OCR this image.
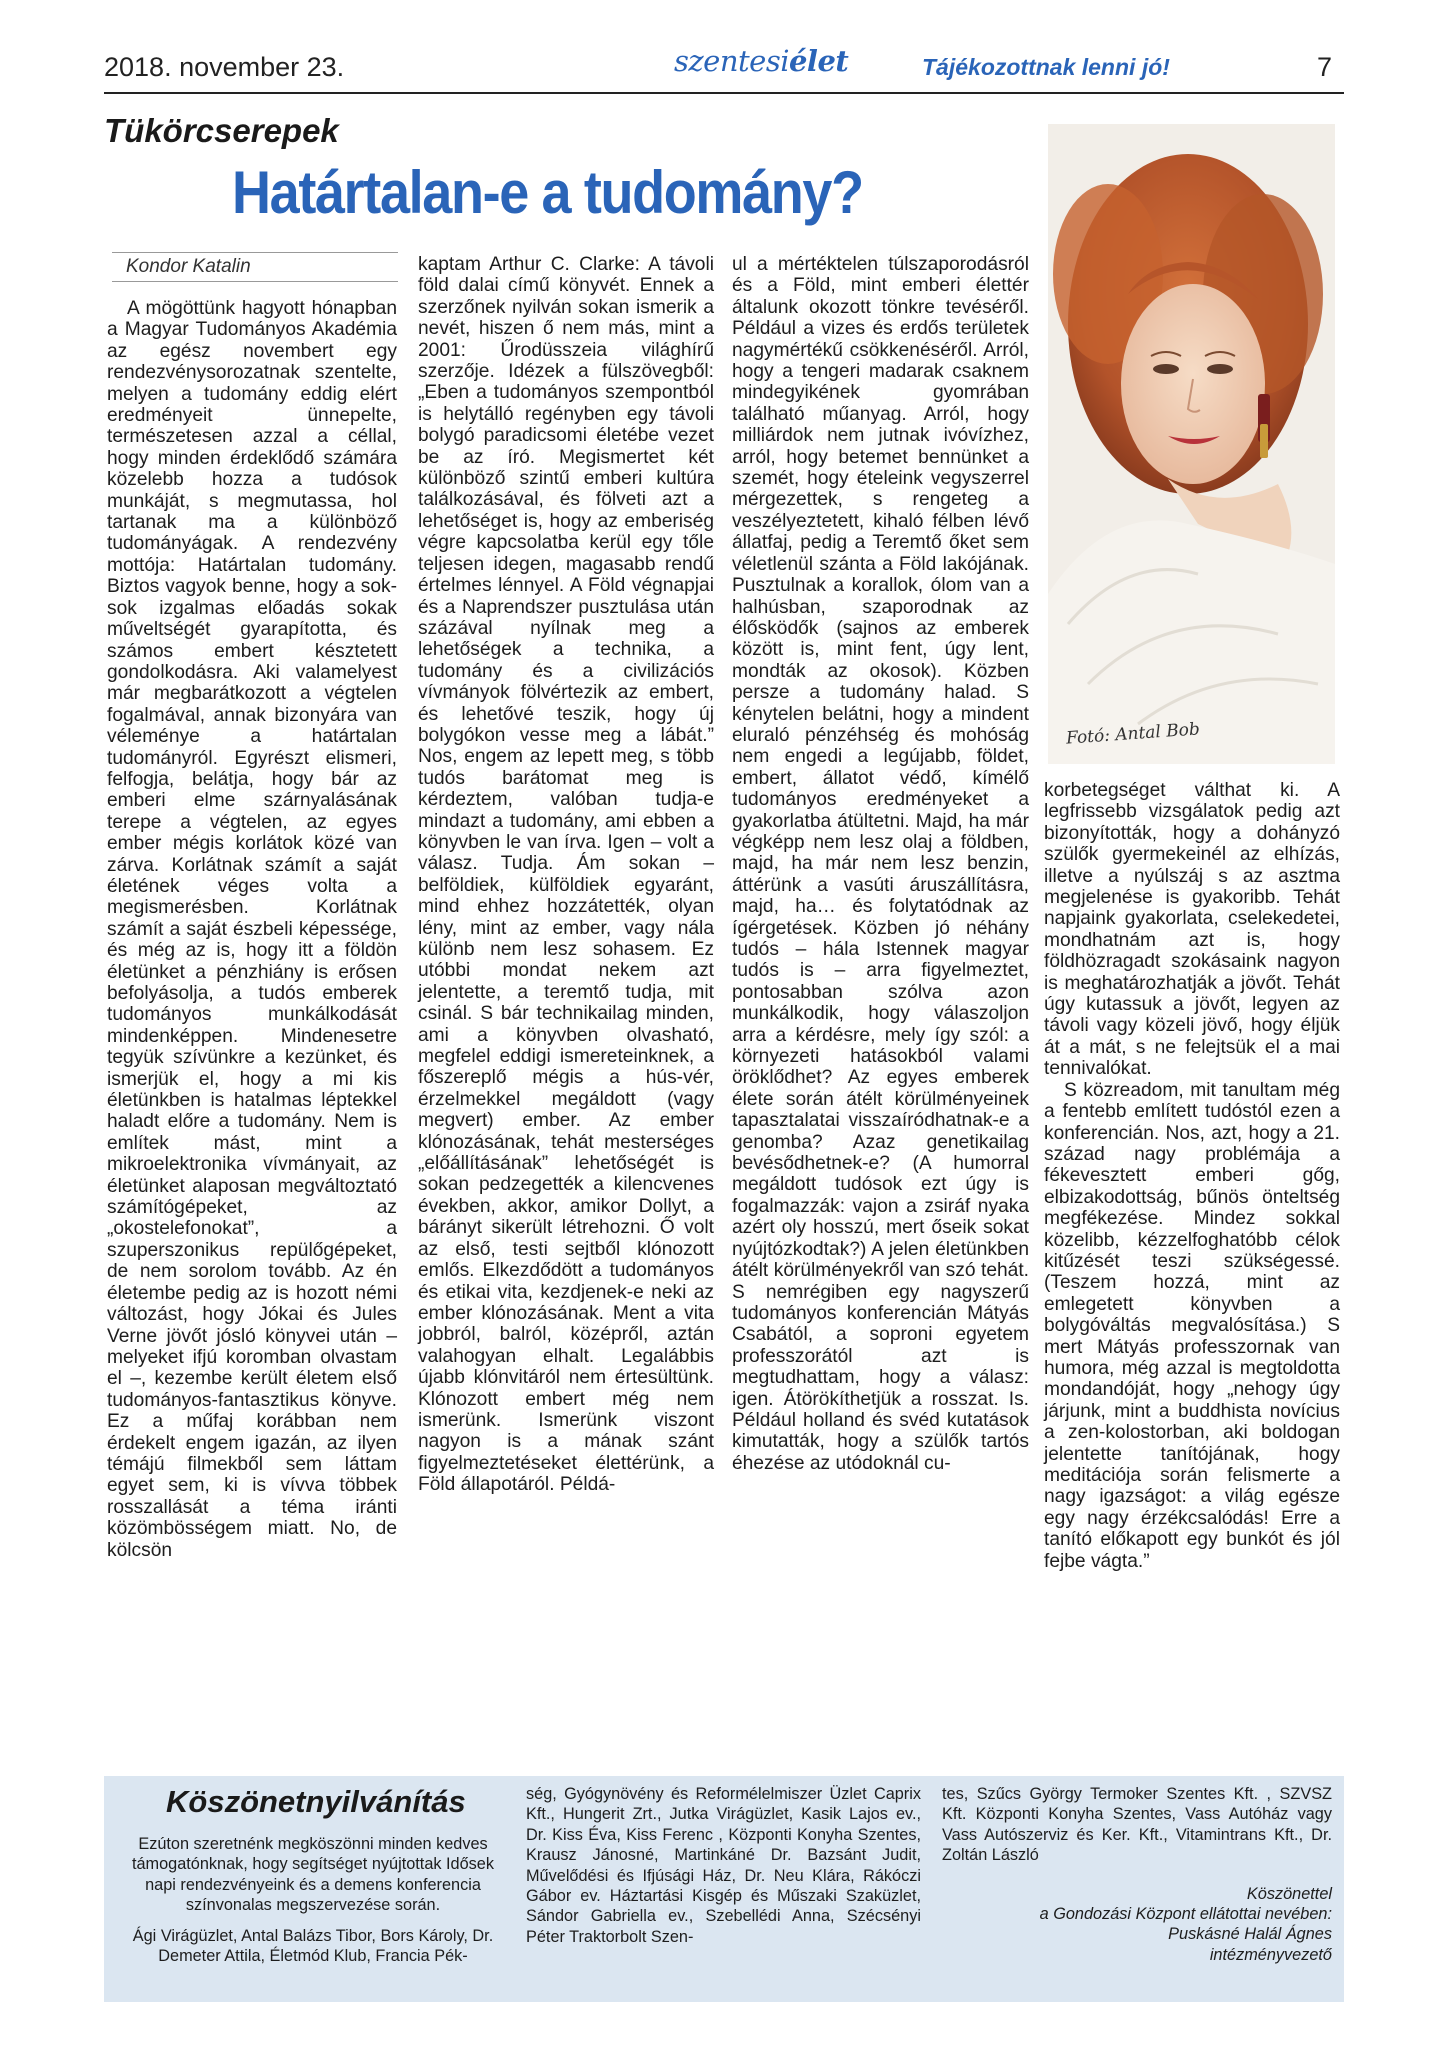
2018. november 23.	szentesiélet	Tájékozottnak lenni jó!	7
Tükörcserepek
Határtalan-e a tudomány?
Kondor Katalin

A mögöttünk hagyott hónapban a Magyar Tudományos Akadémia az egész novembert egy rendezvénysorozatnak szentelte, melyen a tudomány eddig elért eredményeit ünnepelte, természetesen azzal a céllal, hogy minden érdeklődő számára közelebb hozza a tudósok munkáját, s megmutassa, hol tartanak ma a különböző tudományágak. A rendezvény mottója: Határtalan tudomány. Biztos vagyok benne, hogy a sok-sok izgalmas előadás sokak műveltségét gyarapította, és számos embert késztetett gondolkodásra. Aki valamelyest már megbarátkozott a végtelen fogalmával, annak bizonyára van véleménye a határtalan tudományról. Egyrészt elismeri, felfogja, belátja, hogy bár az emberi elme szárnyalásának terepe a végtelen, az egyes ember mégis korlátok közé van zárva. Korlátnak számít a saját életének véges volta a megismerésben. Korlátnak számít a saját észbeli képessége, és még az is, hogy itt a földön életünket a pénzhiány is erősen befolyásolja, a tudós emberek tudományos munkálkodását mindenképpen. Mindenesetre tegyük szívünkre a kezünket, és ismerjük el, hogy a mi kis életünkben is hatalmas léptekkel haladt előre a tudomány. Nem is említek mást, mint a mikroelektronika vívmányait, az életünket alaposan megváltoztató számítógépeket, az „okostelefonokat”, a szuperszonikus repülőgépeket, de nem sorolom tovább. Az én életembe pedig az is hozott némi változást, hogy Jókai és Jules Verne jövőt jósló könyvei után – melyeket ifjú koromban olvastam el –, kezembe került életem első tudományos-fantasztikus könyve. Ez a műfaj korábban nem érdekelt engem igazán, az ilyen témájú filmekből sem láttam egyet sem, ki is vívva többek rosszallását a téma iránti közömbösségem miatt. No, de kölcsön

kaptam Arthur C. Clarke: A távoli föld dalai című könyvét. Ennek a szerzőnek nyilván sokan ismerik a nevét, hiszen ő nem más, mint a 2001: Űrodüsszeia világhírű szerzője. Idézek a fülszövegből: „Eben a tudományos szempontból is helytálló regényben egy távoli bolygó paradicsomi életébe vezet be az író. Megismertet két különböző szintű emberi kultúra találkozásával, és fölveti azt a lehetőséget is, hogy az emberiség végre kapcsolatba kerül egy tőle teljesen idegen, magasabb rendű értelmes lénnyel. A Föld végnapjai és a Naprendszer pusztulása után százával nyílnak meg a lehetőségek a technika, a tudomány és a civilizációs vívmányok fölvértezik az embert, és lehetővé teszik, hogy új bolygókon vesse meg a lábát.” Nos, engem az lepett meg, s több tudós barátomat meg is kérdeztem, valóban tudja-e mindazt a tudomány, ami ebben a könyvben le van írva. Igen – volt a válasz. Tudja. Ám sokan – belföldiek, külföldiek egyaránt, mind ehhez hozzátették, olyan lény, mint az ember, vagy nála különb nem lesz sohasem. Ez utóbbi mondat nekem azt jelentette, a teremtő tudja, mit csinál. S bár technikailag minden, ami a könyvben olvasható, megfelel eddigi ismereteinknek, a főszereplő mégis a hús-vér, érzelmekkel megáldott (vagy megvert) ember. Az ember klónozásának, tehát mesterséges „előállításának” lehetőségét is sokan pedzegették a kilencvenes években, akkor, amikor Dollyt, a bárányt sikerült létrehozni. Ő volt az első, testi sejtből klónozott emlős. Elkezdődött a tudományos és etikai vita, kezdjenek-e neki az ember klónozásának. Ment a vita jobbról, balról, középről, aztán valahogyan elhalt. Legalábbis újabb klónvitáról nem értesültünk. Klónozott embert még nem ismerünk. Ismerünk viszont nagyon is a mának szánt figyelmeztetéseket élettérünk, a Föld állapotáról. Példá-

ul a mértéktelen túlszaporodásról és a Föld, mint emberi élettér általunk okozott tönkre tevéséről. Például a vizes és erdős területek nagymértékű csökkenéséről. Arról, hogy a tengeri madarak csaknem mindegyikének gyomrában található műanyag. Arról, hogy milliárdok nem jutnak ivóvízhez, arról, hogy betemet bennünket a szemét, hogy ételeink vegyszerrel mérgezettek, s rengeteg a veszélyeztetett, kihaló félben lévő állatfaj, pedig a Teremtő őket sem véletlenül szánta a Föld lakójának. Pusztulnak a korallok, ólom van a halhúsban, szaporodnak az élősködők (sajnos az emberek között is, mint fent, úgy lent, mondták az okosok). Közben persze a tudomány halad. S kénytelen belátni, hogy a mindent eluraló pénzéhség és mohóság nem engedi a legújabb, földet, embert, állatot védő, kímélő tudományos eredményeket a gyakorlatba átültetni. Majd, ha már végképp nem lesz olaj a földben, majd, ha már nem lesz benzin, áttérünk a vasúti áruszállításra, majd, ha… és folytatódnak az ígérgetések. Közben jó néhány tudós – hála Istennek magyar tudós is – arra figyelmeztet, pontosabban szólva azon munkálkodik, hogy válaszoljon arra a kérdésre, mely így szól: a környezeti hatásokból valami öröklődhet? Az egyes emberek élete során átélt körülményeinek tapasztalatai visszaíródhatnak-e a genomba? Azaz genetikailag bevésődhetnek-e? (A humorral megáldott tudósok ezt úgy is fogalmazzák: vajon a zsiráf nyaka azért oly hosszú, mert őseik sokat nyújtózkodtak?) A jelen életünkben átélt körülményekről van szó tehát. S nemrégiben egy nagyszerű tudományos konferencián Mátyás Csabától, a soproni egyetem professzorától azt is megtudhattam, hogy a válasz: igen. Átörökíthetjük a rosszat. Is. Például holland és svéd kutatások kimutatták, hogy a szülők tartós éhezése az utódoknál cu-

korbetegséget válthat ki. A legfrissebb vizsgálatok pedig azt bizonyították, hogy a dohányzó szülők gyermekeinél az elhízás, illetve a nyúlszáj s az asztma megjelenése is gyakoribb. Tehát napjaink gyakorlata, cselekedetei, mondhatnám azt is, hogy földhözragadt szokásaink nagyon is meghatározhatják a jövőt. Tehát úgy kutassuk a jövőt, legyen az távoli vagy közeli jövő, hogy éljük át a mát, s ne felejtsük el a mai tennivalókat.

S közreadom, mit tanultam még a fentebb említett tudóstól ezen a konferencián. Nos, azt, hogy a 21. század nagy problémája a fékevesztett emberi gőg, elbizakodottság, bűnös önteltség megfékezése. Mindez sokkal közelibb, kézzelfoghatóbb célok kitűzését teszi szükségessé. (Teszem hozzá, mint az emlegetett könyvben a bolygóváltás megvalósítása.) S mert Mátyás professzornak van humora, még azzal is megtoldotta mondandóját, hogy „nehogy úgy járjunk, mint a buddhista novícius a zen-kolostorban, aki boldogan jelentette tanítójának, hogy meditációja során felismerte a nagy igazságot: a világ egésze egy nagy érzékcsalódás! Erre a tanító előkapott egy bunkót és jól fejbe vágta.”

Fotó: Antal Bob
Köszönetnyilvánítás

Ezúton szeretnénk megköszönni minden kedves támogatónknak, hogy segítséget nyújtottak Idősek napi rendezvényeink és a demens konferencia színvonalas megszervezése során.

Ági Virágüzlet, Antal Balázs Tibor, Bors Károly, Dr. Demeter Attila, Életmód Klub, Francia Pék-

ség, Gyógynövény és Reformélelmiszer Üzlet Caprix Kft., Hungerit Zrt., Jutka Virágüzlet, Kasik Lajos ev., Dr. Kiss Éva, Kiss Ferenc , Központi Konyha Szentes, Krausz Jánosné, Martinkáné Dr. Bazsánt Judit, Művelődési és Ifjúsági Ház, Dr. Neu Klára, Rákóczi Gábor ev. Háztartási Kisgép és Műszaki Szaküzlet, Sándor Gabriella ev., Szebellédi Anna, Szécsényi Péter Traktorbolt Szen-

tes, Szűcs György Termoker Szentes Kft. , SZVSZ Kft. Központi Konyha Szentes, Vass Autóház vagy Vass Autószerviz és Ker. Kft., Vitamintrans Kft., Dr. Zoltán László

Köszönettel
a Gondozási Központ ellátottai nevében:
Puskásné Halál Ágnes
intézményvezető
